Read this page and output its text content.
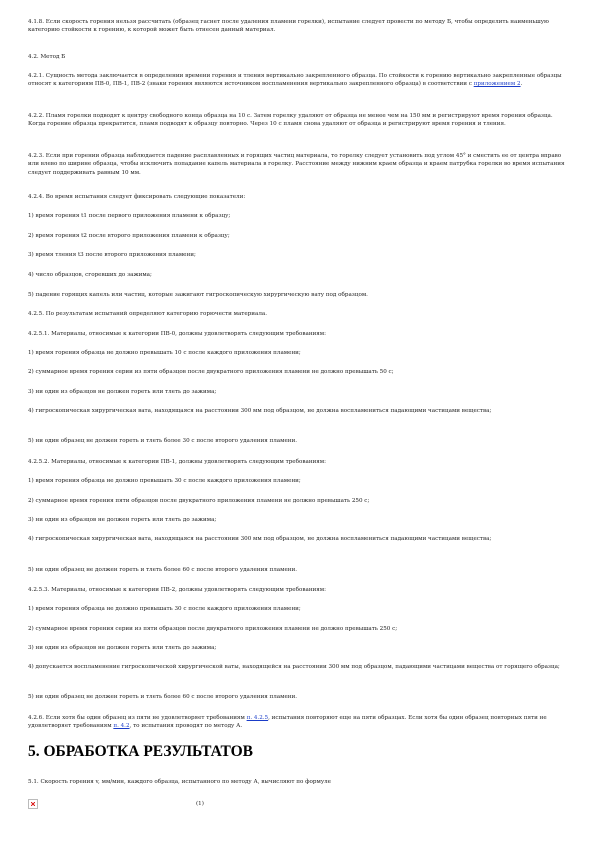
4.1.8. Если скорость горения нельзя рассчитать (образец гаснет после удаления пламени горелки), испытание следует провести по методу Б, чтобы определить наименьшую категорию стойкости к горению, к которой может быть отнесен данный материал.

4.2. Метод Б

4.2.1. Сущность метода заключается в определении времени горения и тления вертикально закрепленного образца. По стойкости к горению вертикально закрепленные образцы относят к категориям ПВ-0, ПВ-1, ПВ-2 (знаки горения являются источником воспламенения вертикально закрепленного образца) в соответствии с приложением 2.

4.2.2. Пламя горелки подводят к центру свободного конца образца на 10 с. Затем горелку удаляют от образца не менее чем на 150 мм и регистрируют время горения образца. Когда горение образца прекратится, пламя подводят к образцу повторно. Через 10 с пламя снова удаляют от образца и регистрируют время горения и тления.

4.2.3. Если при горении образца наблюдается падение расплавленных и горящих частиц материала, то горелку следует установить под углом 45° и сместить ее от центра вправо или влево по ширине образца, чтобы исключить попадание капель материала в горелку. Расстояние между нижним краем образца и краем патрубка горелки во время испытания следует поддерживать равным 10 мм.

4.2.4. Во время испытания следует фиксировать следующие показатели:

1) время горения t1 после первого приложения пламени к образцу;

2) время горения t2 после второго приложения пламени к образцу;

3) время тления t3 после второго приложения пламени;

4) число образцов, сгоревших до зажима;

5) падение горящих капель или частиц, которые зажигают гигроскопическую хирургическую вату под образцом.

4.2.5. По результатам испытаний определяют категорию горючести материала.

4.2.5.1. Материалы, относимые к категории ПВ-0, должны удовлетворять следующим требованиям:

1) время горения образца не должно превышать 10 с после каждого приложения пламени;

2) суммарное время горения серии из пяти образцов после двукратного приложения пламени не должно превышать 50 с;

3) ни один из образцов не должен гореть или тлеть до зажима;

4) гигроскопическая хирургическая вата, находящаяся на расстоянии 300 мм под образцом, не должна воспламениться падающими частицами вещества;

5) ни один образец не должен гореть и тлеть более 30 с после второго удаления пламени.

4.2.5.2. Материалы, относимые к категории ПВ-1, должны удовлетворять следующим требованиям:

1) время горения образца не должно превышать 30 с после каждого приложения пламени;

2) суммарное время горения пяти образцов после двукратного приложения пламени не должно превышать 250 с;

3) ни один из образцов не должен гореть или тлеть до зажима;

4) гигроскопическая хирургическая вата, находящаяся на расстоянии 300 мм под образцом, не должна воспламениться падающими частицами вещества;

5) ни один образец не должен гореть и тлеть более 60 с после второго удаления пламени.

4.2.5.3. Материалы, относимые к категории ПВ-2, должны удовлетворять следующим требованиям:

1) время горения образца не должно превышать 30 с после каждого приложения пламени;

2) суммарное время горения серии из пяти образцов после двукратного приложения пламени не должно превышать 250 с;

3) ни один из образцов не должен гореть или тлеть до зажима;

4) допускается воспламенение гигроскопической хирургической ваты, находящейся на расстоянии 300 мм под образцом, падающими частицами вещества от горящего образца;

5) ни один образец не должен гореть и тлеть более 60 с после второго удаления пламени.

4.2.6. Если хотя бы один образец из пяти не удовлетворяет требованиям п. 4.2.5, испытания повторяют еще на пяти образцах. Если хотя бы один образец повторных пяти не удовлетворяет требованиям п. 4.2, то испытания проводят по методу А.

5. ОБРАБОТКА РЕЗУЛЬТАТОВ

5.1. Скорость горения v, мм/мин, каждого образца, испытанного по методу А, вычисляют по формуле

(1)
